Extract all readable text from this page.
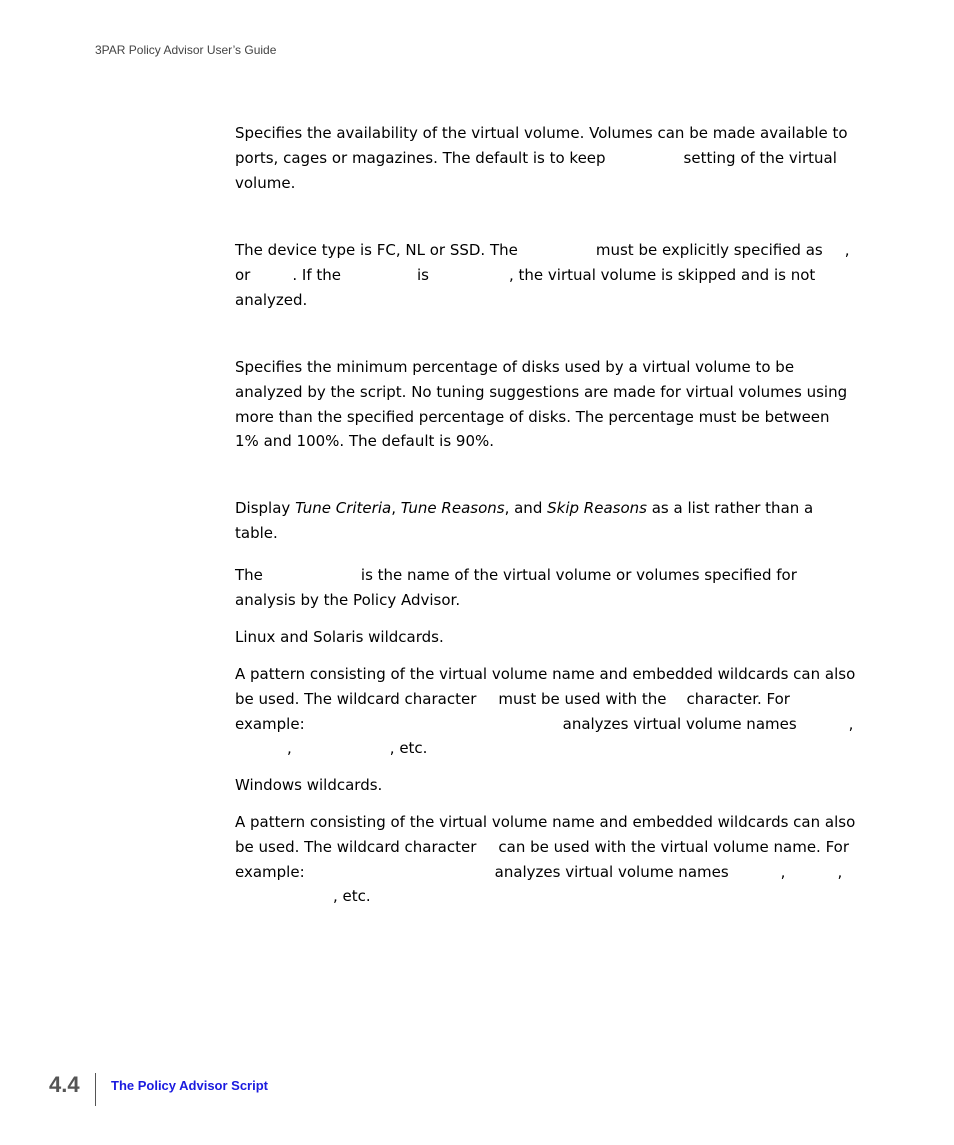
3PAR Policy Advisor User’s Guide

Specifies the availability of the virtual volume. Volumes can be made available to ports, cages or magazines. The default is to keep	setting of the virtual volume.

The device type is FC, NL or SSD. The	must be explicitly specified as , or	. If the	is	, the virtual volume is skipped and is not analyzed.

Specifies the minimum percentage of disks used by a virtual volume to be analyzed by the script. No tuning suggestions are made for virtual volumes using more than the specified percentage of disks. The percentage must be between 1% and 100%. The default is 90%.

Display Tune Criteria, Tune Reasons, and Skip Reasons as a list rather than a table.

The	is the name of the virtual volume or volumes specified for analysis by the Policy Advisor.

Linux and Solaris wildcards.

A pattern consisting of the virtual volume name and embedded wildcards can also be used. The wildcard character must be used with the character. For example:	analyzes virtual volume names	,,	, etc.

Windows wildcards.

A pattern consisting of the virtual volume name and embedded wildcards can also be used. The wildcard character can be used with the virtual volume name. For example:	analyzes virtual volume names	,	,, etc.

4.4 The Policy Advisor Script
